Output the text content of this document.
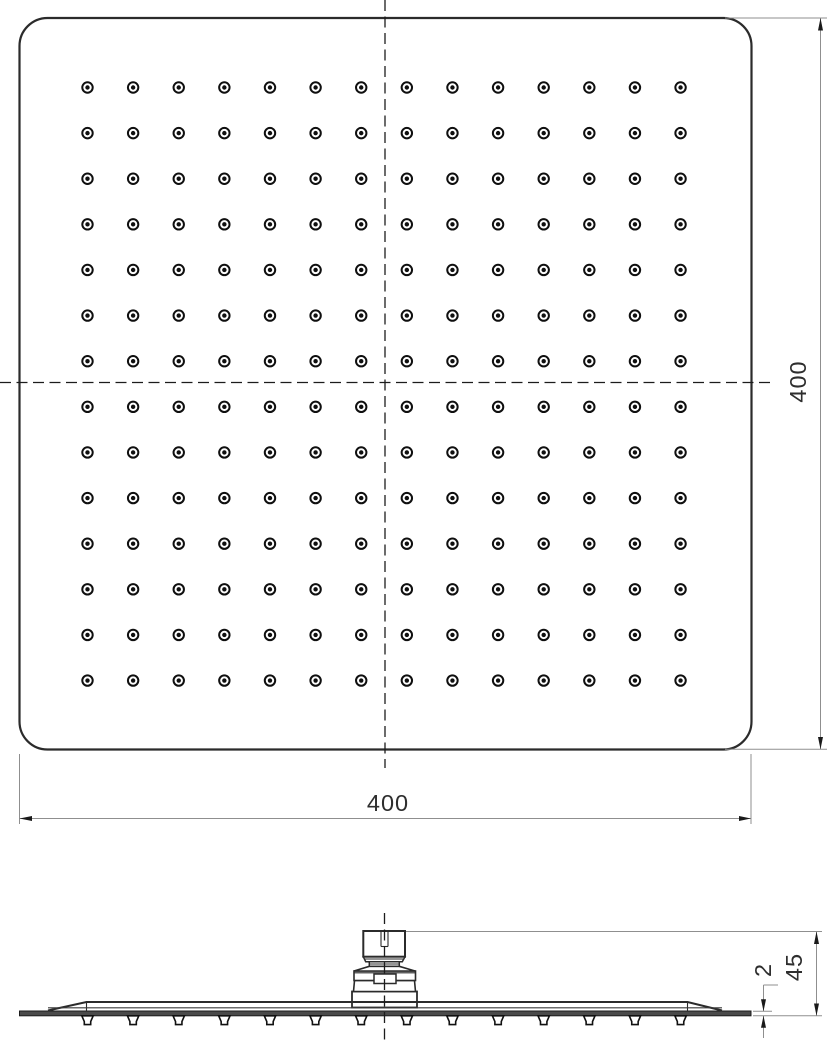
400
400
45
2
